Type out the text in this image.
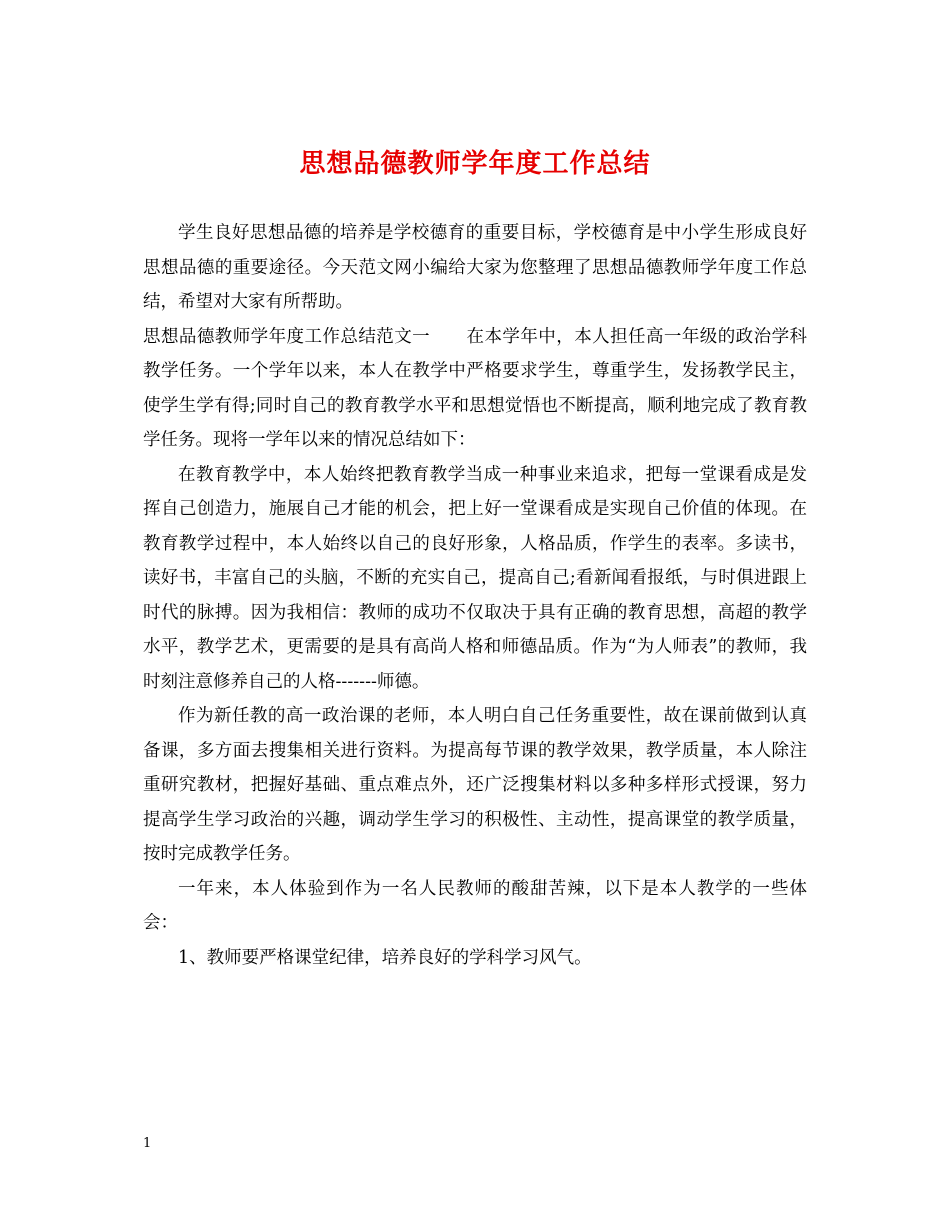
思想品德教师学年度工作总结

学生良好思想品德的培养是学校德育的重要目标，学校德育是中小学生形成良好思想品德的重要途径。今天范文网小编给大家为您整理了思想品德教师学年度工作总结，希望对大家有所帮助。

思想品德教师学年度工作总结范文一 在本学年中，本人担任高一年级的政治学科教学任务。一个学年以来，本人在教学中严格要求学生，尊重学生，发扬教学民主，使学生学有得;同时自己的教育教学水平和思想觉悟也不断提高，顺利地完成了教育教学任务。现将一学年以来的情况总结如下：

在教育教学中，本人始终把教育教学当成一种事业来追求，把每一堂课看成是发挥自己创造力，施展自己才能的机会，把上好一堂课看成是实现自己价值的体现。在教育教学过程中，本人始终以自己的良好形象，人格品质，作学生的表率。多读书，读好书，丰富自己的头脑，不断的充实自己，提高自己;看新闻看报纸，与时俱进跟上时代的脉搏。因为我相信：教师的成功不仅取决于具有正确的教育思想，高超的教学水平，教学艺术，更需要的是具有高尚人格和师德品质。作为“为人师表”的教师，我时刻注意修养自己的人格-------师德。

作为新任教的高一政治课的老师，本人明白自己任务重要性，故在课前做到认真备课，多方面去搜集相关进行资料。为提高每节课的教学效果，教学质量，本人除注重研究教材，把握好基础、重点难点外，还广泛搜集材料以多种多样形式授课，努力提高学生学习政治的兴趣，调动学生学习的积极性、主动性，提高课堂的教学质量，按时完成教学任务。

一年来，本人体验到作为一名人民教师的酸甜苦辣，以下是本人教学的一些体会：

1、教师要严格课堂纪律，培养良好的学科学习风气。

1
